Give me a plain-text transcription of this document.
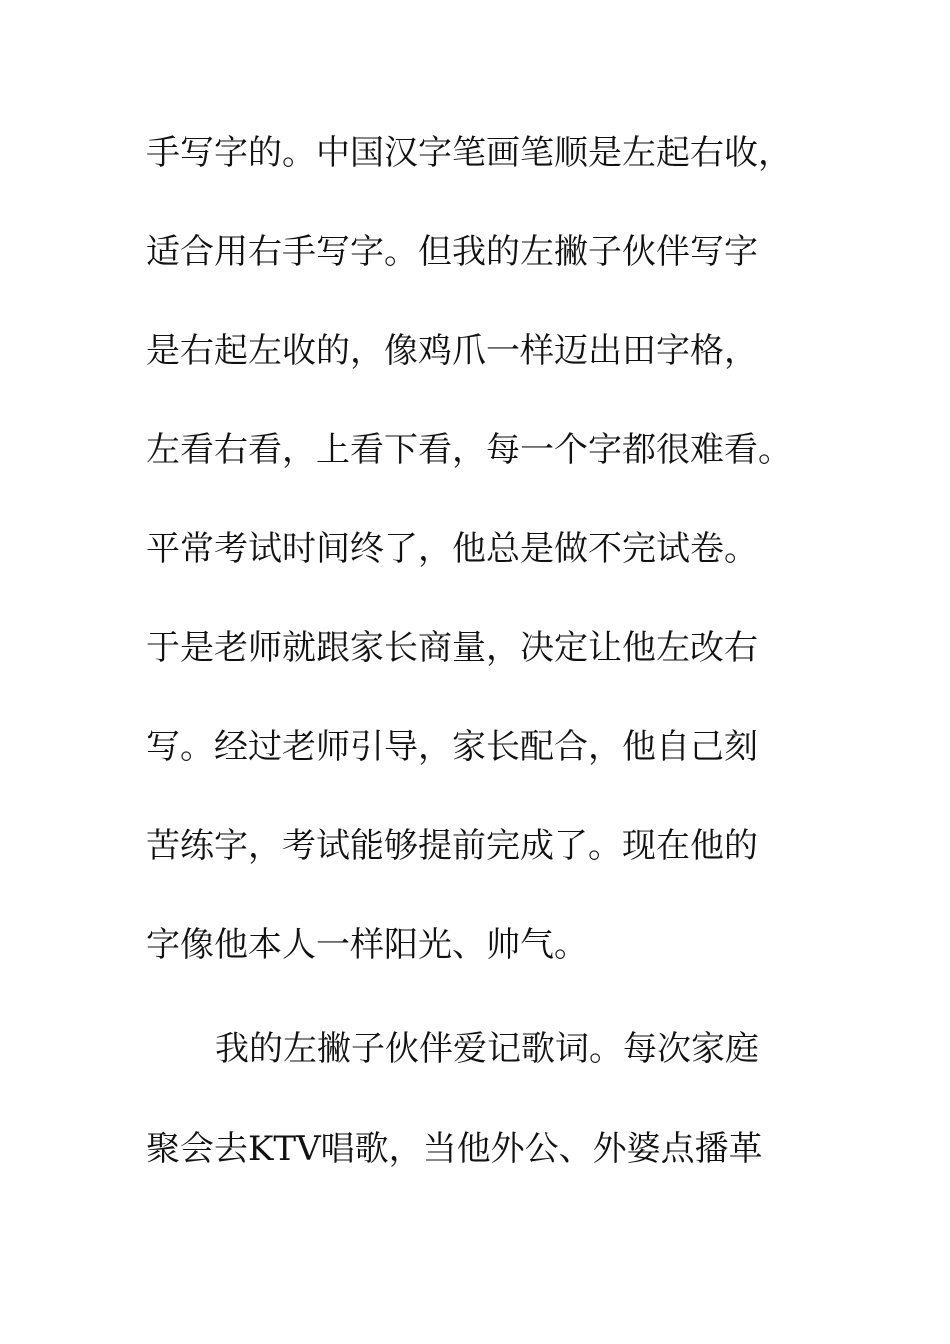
手写字的。中国汉字笔画笔顺是左起右收，
适合用右手写字。但我的左撇子伙伴写字
是右起左收的，像鸡爪一样迈出田字格，
左看右看，上看下看，每一个字都很难看。
平常考试时间终了，他总是做不完试卷。
于是老师就跟家长商量，决定让他左改右
写。经过老师引导，家长配合，他自己刻
苦练字，考试能够提前完成了。现在他的
字像他本人一样阳光、帅气。
我的左撇子伙伴爱记歌词。每次家庭
聚会去KTV唱歌，当他外公、外婆点播革
